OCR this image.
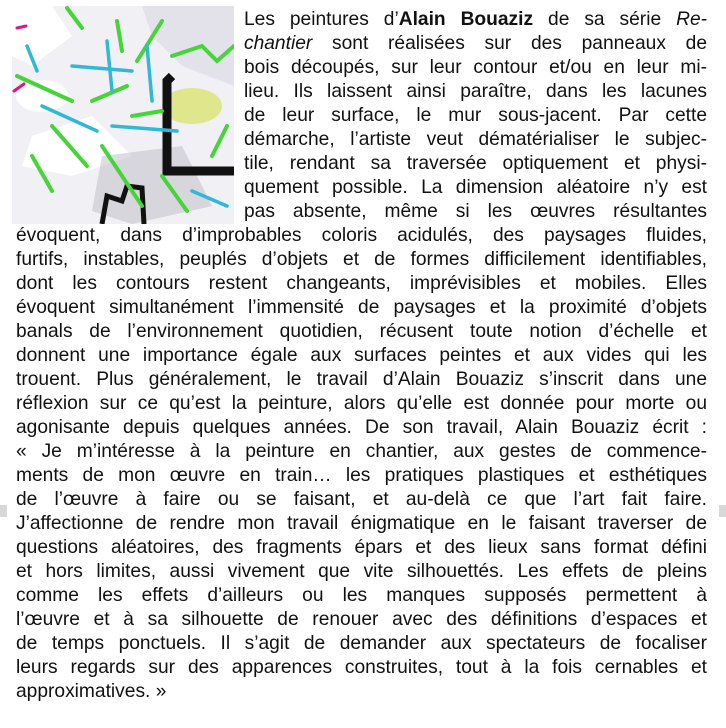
Les peintures d’Alain Bouaziz de sa série Re-
chantier sont réalisées sur des panneaux de
bois découpés, sur leur contour et/ou en leur mi-
lieu. Ils laissent ainsi paraître, dans les lacunes
de leur surface, le mur sous-jacent. Par cette
démarche, l’artiste veut dématérialiser le subjec-
tile, rendant sa traversée optiquement et physi-
quement possible. La dimension aléatoire n’y est
pas absente, même si les œuvres résultantes
évoquent, dans d’improbables coloris acidulés, des paysages fluides,
furtifs, instables, peuplés d’objets et de formes difficilement identifiables,
dont les contours restent changeants, imprévisibles et mobiles. Elles
évoquent simultanément l’immensité de paysages et la proximité d’objets
banals de l’environnement quotidien, récusent toute notion d’échelle et
donnent une importance égale aux surfaces peintes et aux vides qui les
trouent. Plus généralement, le travail d’Alain Bouaziz s’inscrit dans une
réflexion sur ce qu’est la peinture, alors qu’elle est donnée pour morte ou
agonisante depuis quelques années. De son travail, Alain Bouaziz écrit :
« Je m’intéresse à la peinture en chantier, aux gestes de commence-
ments de mon œuvre en train… les pratiques plastiques et esthétiques
de l’œuvre à faire ou se faisant, et au-delà ce que l’art fait faire.
J’affectionne de rendre mon travail énigmatique en le faisant traverser de
questions aléatoires, des fragments épars et des lieux sans format défini
et hors limites, aussi vivement que vite silhouettés. Les effets de pleins
comme les effets d’ailleurs ou les manques supposés permettent à
l’œuvre et à sa silhouette de renouer avec des définitions d’espaces et
de temps ponctuels. Il s’agit de demander aux spectateurs de focaliser
leurs regards sur des apparences construites, tout à la fois cernables et
approximatives. »
